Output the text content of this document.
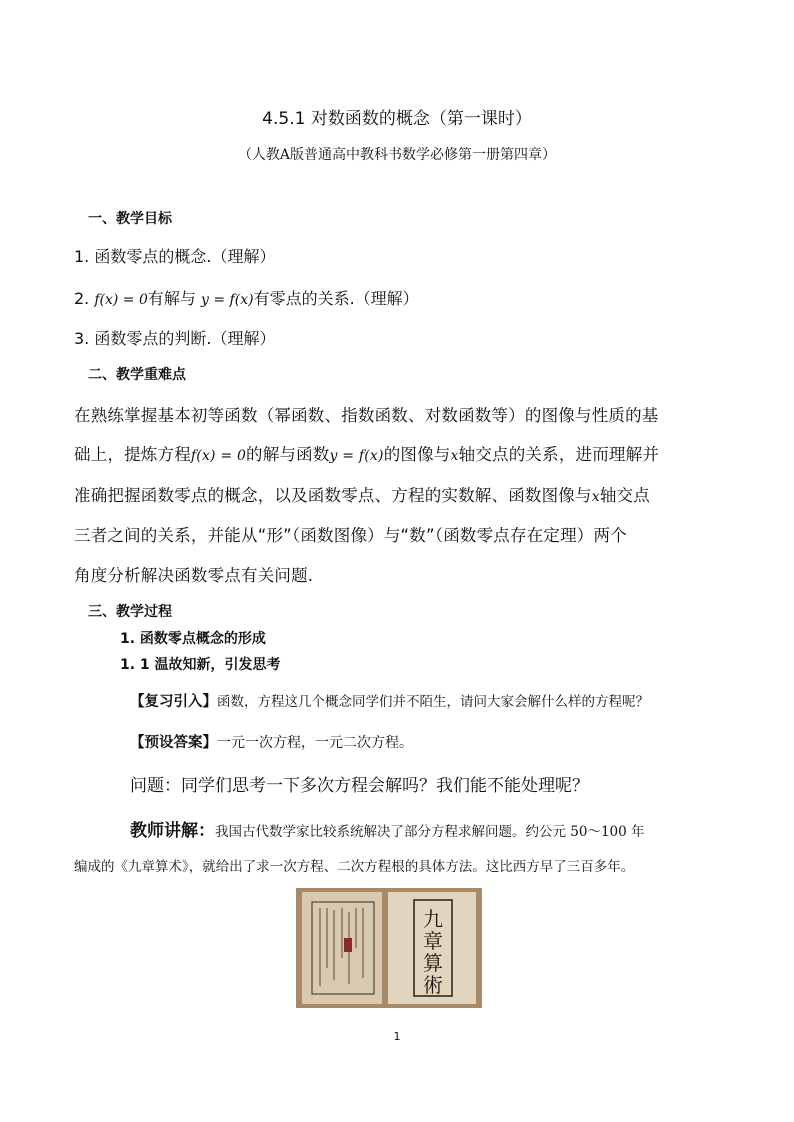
4.5.1 对数函数的概念（第一课时）
（人教A版普通高中教科书数学必修第一册第四章）
一、教学目标
1. 函数零点的概念.（理解）
2. f(x) = 0有解与 y = f(x)有零点的关系.（理解）
3. 函数零点的判断.（理解）
二、教学重难点
在熟练掌握基本初等函数（幂函数、指数函数、对数函数等）的图像与性质的基
础上，提炼方程f(x) = 0的解与函数y = f(x)的图像与x轴交点的关系，进而理解并
准确把握函数零点的概念，以及函数零点、方程的实数解、函数图像与x轴交点
三者之间的关系，并能从“形”（函数图像）与“数”（函数零点存在定理）两个
角度分析解决函数零点有关问题.
三、教学过程
1. 函数零点概念的形成
1. 1 温故知新，引发思考
【复习引入】函数，方程这几个概念同学们并不陌生，请问大家会解什么样的方程呢？
【预设答案】一元一次方程，一元二次方程。
问题：同学们思考一下多次方程会解吗？我们能不能处理呢？
教师讲解：我国古代数学家比较系统解决了部分方程求解问题。约公元 50～100 年
编成的《九章算术》，就给出了求一次方程、二次方程根的具体方法。这比西方早了三百多年。
九
章
算
術
1
